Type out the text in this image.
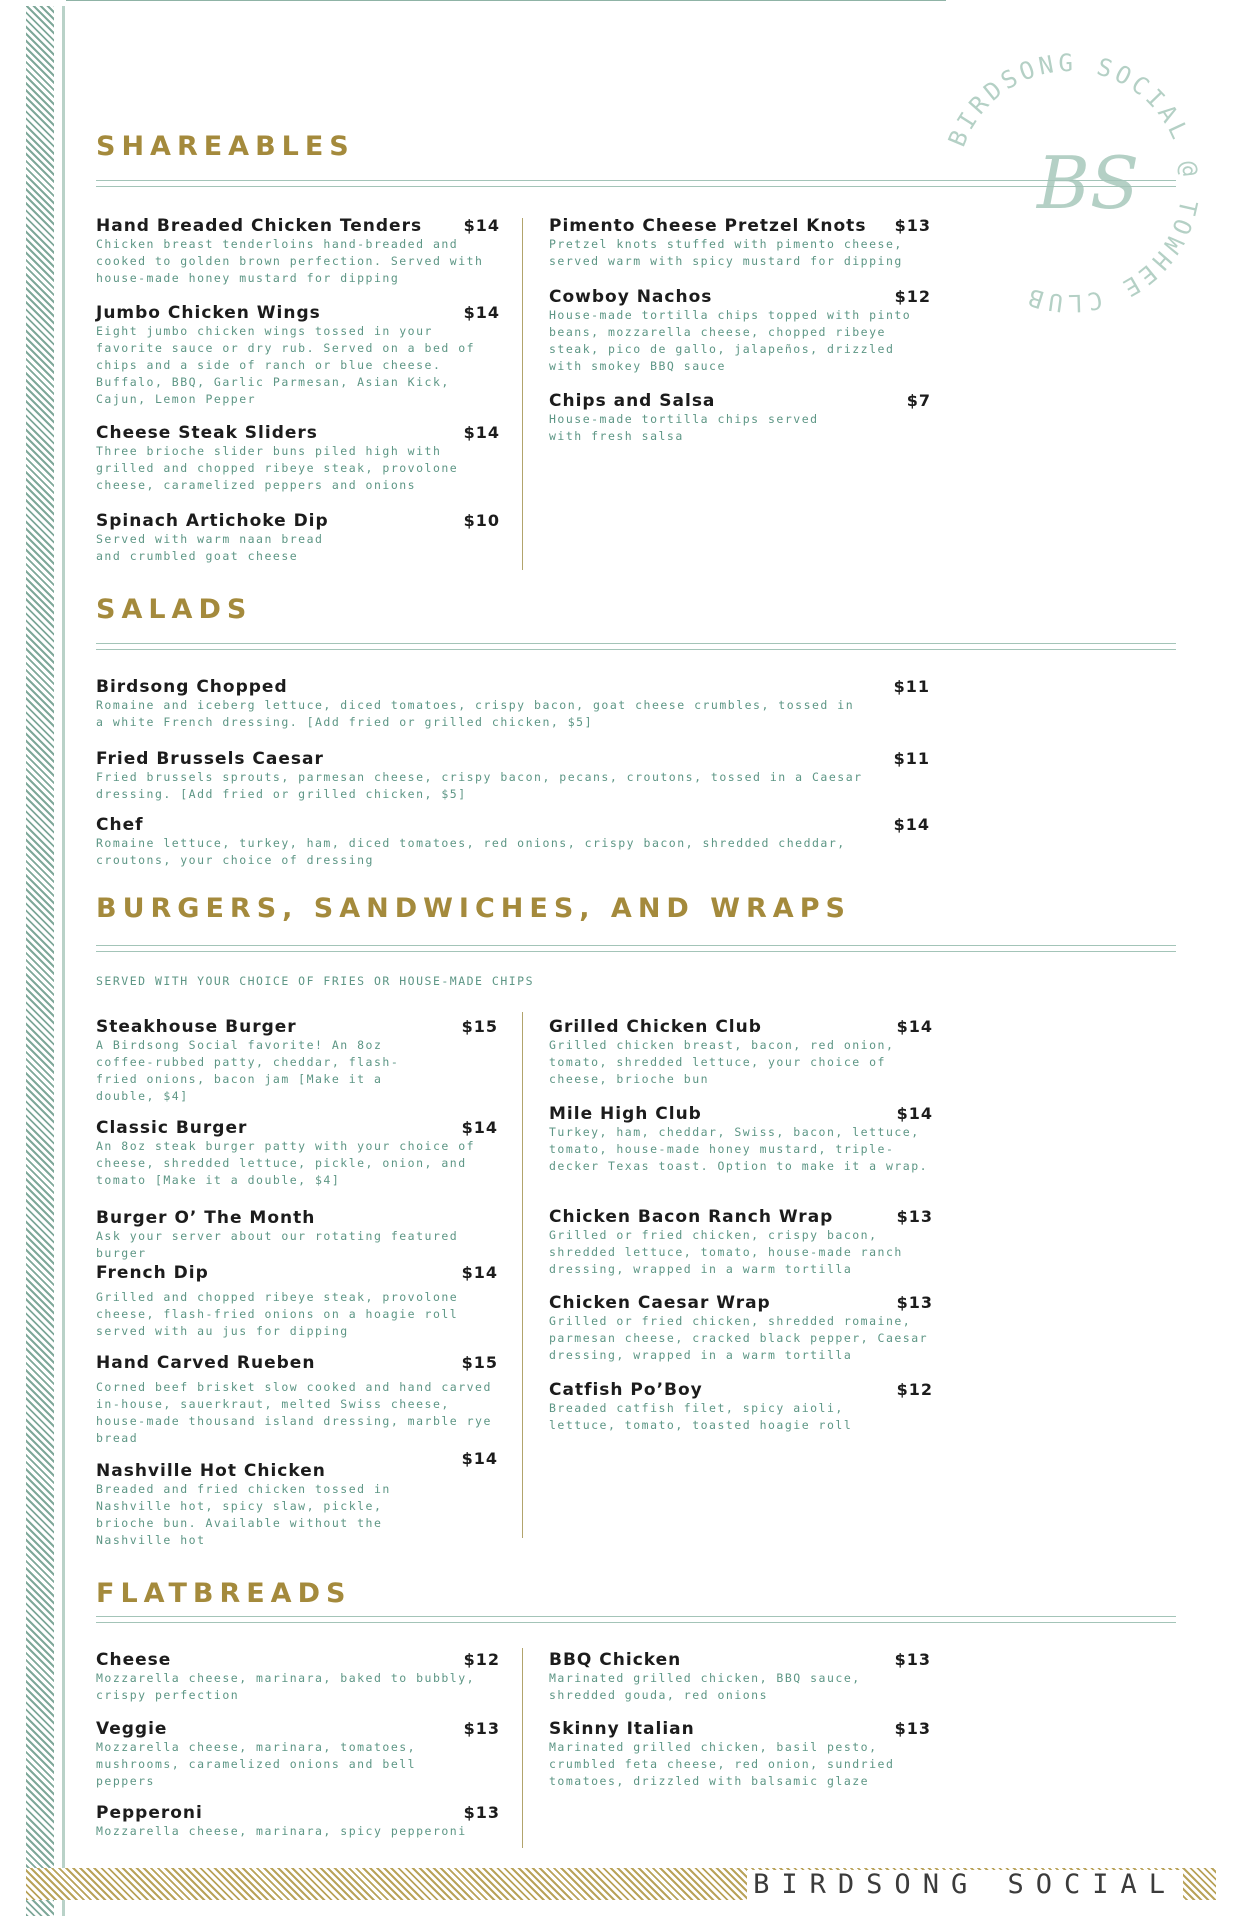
BIRDSONG SOCIAL @ TOWHEE CLUB
BS
SHAREABLES
Hand Breaded Chicken Tenders	$14
Chicken breast tenderloins hand-breaded and cooked to golden brown perfection. Served with house-made honey mustard for dipping
Jumbo Chicken Wings	$14
Eight jumbo chicken wings tossed in your favorite sauce or dry rub. Served on a bed of chips and a side of ranch or blue cheese. Buffalo, BBQ, Garlic Parmesan, Asian Kick, Cajun, Lemon Pepper
Cheese Steak Sliders	$14
Three brioche slider buns piled high with grilled and chopped ribeye steak, provolone cheese, caramelized peppers and onions
Spinach Artichoke Dip	$10
Served with warm naan bread and crumbled goat cheese
Pimento Cheese Pretzel Knots	$13
Pretzel knots stuffed with pimento cheese, served warm with spicy mustard for dipping
Cowboy Nachos	$12
House-made tortilla chips topped with pinto beans, mozzarella cheese, chopped ribeye steak, pico de gallo, jalapeños, drizzled with smokey BBQ sauce
Chips and Salsa	$7
House-made tortilla chips served with fresh salsa
SALADS
Birdsong Chopped	$11
Romaine and iceberg lettuce, diced tomatoes, crispy bacon, goat cheese crumbles, tossed in a white French dressing. [Add fried or grilled chicken, $5]
Fried Brussels Caesar	$11
Fried brussels sprouts, parmesan cheese, crispy bacon, pecans, croutons, tossed in a Caesar dressing. [Add fried or grilled chicken, $5]
Chef	$14
Romaine lettuce, turkey, ham, diced tomatoes, red onions, crispy bacon, shredded cheddar, croutons, your choice of dressing
BURGERS, SANDWICHES, AND WRAPS
SERVED WITH YOUR CHOICE OF FRIES OR HOUSE-MADE CHIPS
Steakhouse Burger	$15
A Birdsong Social favorite! An 8oz coffee-rubbed patty, cheddar, flash-fried onions, bacon jam [Make it a double, $4]
Classic Burger	$14
An 8oz steak burger patty with your choice of cheese, shredded lettuce, pickle, onion, and tomato [Make it a double, $4]
Burger O’ The Month
Ask your server about our rotating featured burger
French Dip	$14
Grilled and chopped ribeye steak, provolone cheese, flash-fried onions on a hoagie roll served with au jus for dipping
Hand Carved Rueben	$15
Corned beef brisket slow cooked and hand carved in-house, sauerkraut, melted Swiss cheese, house-made thousand island dressing, marble rye bread
Nashville Hot Chicken
$14
Breaded and fried chicken tossed in Nashville hot, spicy slaw, pickle, brioche bun. Available without the Nashville hot
Grilled Chicken Club	$14
Grilled chicken breast, bacon, red onion, tomato, shredded lettuce, your choice of cheese, brioche bun
Mile High Club	$14
Turkey, ham, cheddar, Swiss, bacon, lettuce, tomato, house-made honey mustard, triple-decker Texas toast. Option to make it a wrap.
Chicken Bacon Ranch Wrap	$13
Grilled or fried chicken, crispy bacon, shredded lettuce, tomato, house-made ranch dressing, wrapped in a warm tortilla
Chicken Caesar Wrap	$13
Grilled or fried chicken, shredded romaine, parmesan cheese, cracked black pepper, Caesar dressing, wrapped in a warm tortilla
Catfish Po’Boy	$12
Breaded catfish filet, spicy aioli, lettuce, tomato, toasted hoagie roll
FLATBREADS
Cheese	$12
Mozzarella cheese, marinara, baked to bubbly, crispy perfection
Veggie	$13
Mozzarella cheese, marinara, tomatoes, mushrooms, caramelized onions and bell peppers
Pepperoni	$13
Mozzarella cheese, marinara, spicy pepperoni
BBQ Chicken	$13
Marinated grilled chicken, BBQ sauce, shredded gouda, red onions
Skinny Italian	$13
Marinated grilled chicken, basil pesto, crumbled feta cheese, red onion, sundried tomatoes, drizzled with balsamic glaze
BIRDSONG SOCIAL
